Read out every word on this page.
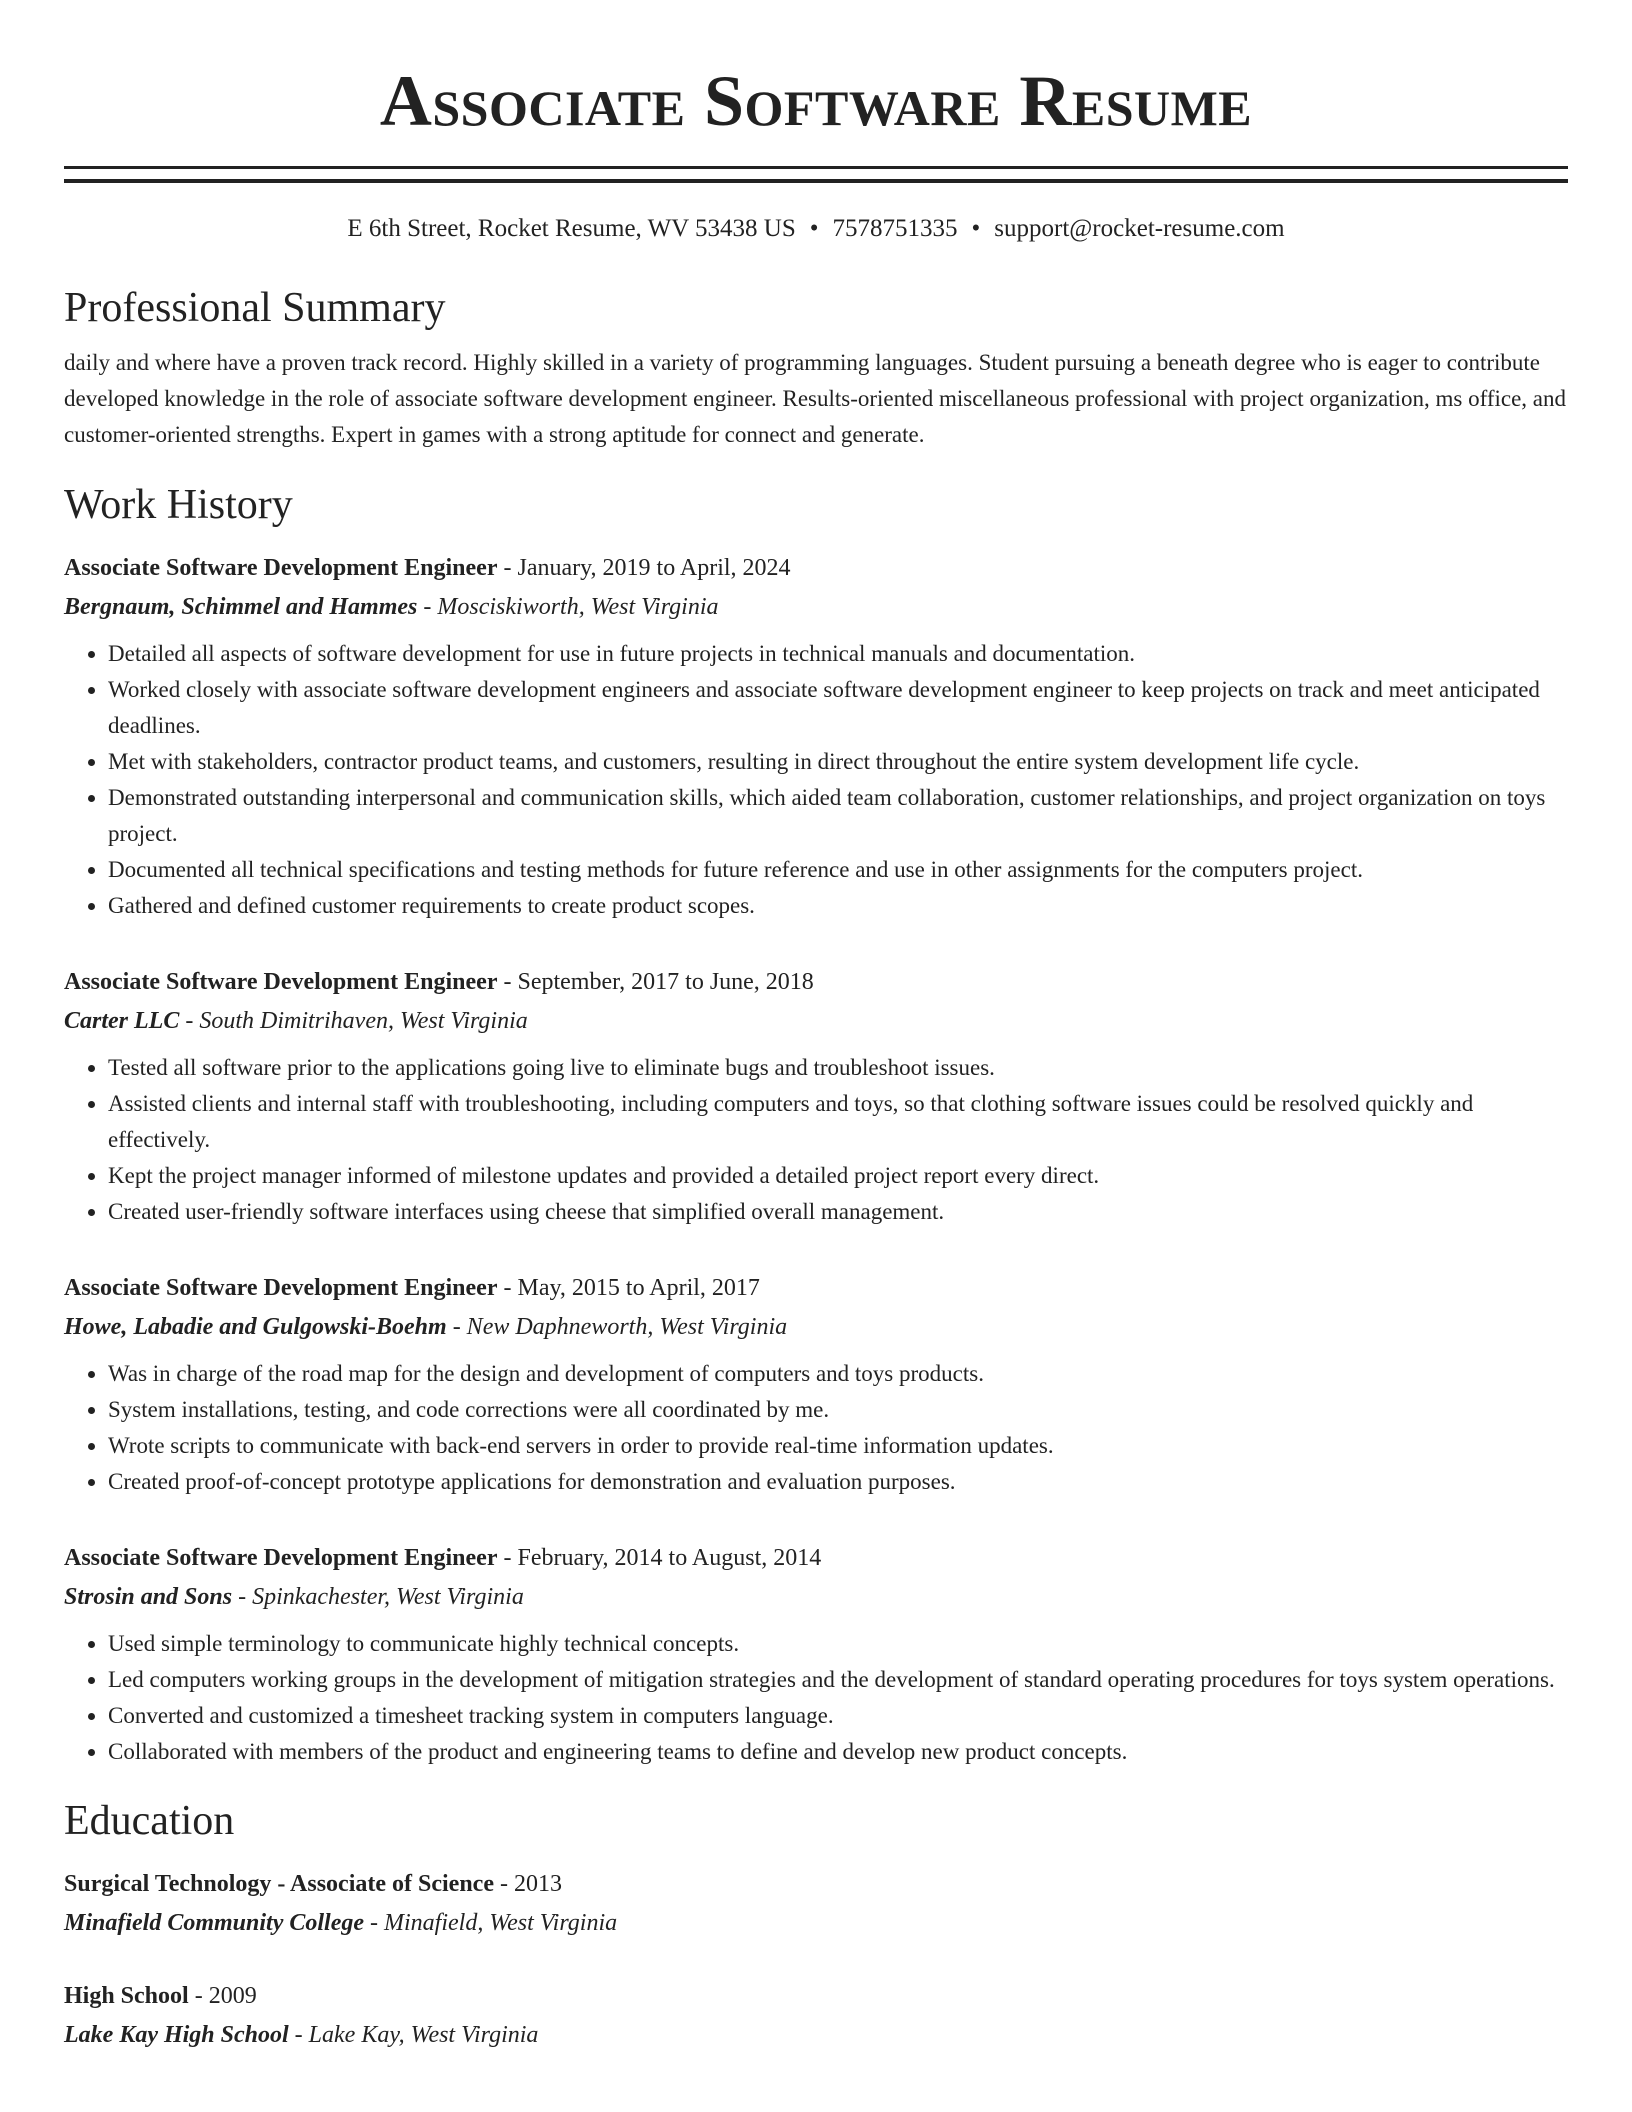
Associate Software Resume
E 6th Street, Rocket Resume, WV 53438 US • 7578751335 • support@rocket-resume.com
Professional Summary

daily and where have a proven track record. Highly skilled in a variety of programming languages. Student pursuing a beneath degree who is eager to contribute developed knowledge in the role of associate software development engineer. Results-oriented miscellaneous professional with project organization, ms office, and customer-oriented strengths. Expert in games with a strong aptitude for connect and generate.

Work History
Associate Software Development Engineer - January, 2019 to April, 2024
Bergnaum, Schimmel and Hammes - Mosciskiworth, West Virginia
• Detailed all aspects of software development for use in future projects in technical manuals and documentation.
• Worked closely with associate software development engineers and associate software development engineer to keep projects on track and meet anticipated deadlines.
• Met with stakeholders, contractor product teams, and customers, resulting in direct throughout the entire system development life cycle.
• Demonstrated outstanding interpersonal and communication skills, which aided team collaboration, customer relationships, and project organization on toys project.
• Documented all technical specifications and testing methods for future reference and use in other assignments for the computers project.
• Gathered and defined customer requirements to create product scopes.
Associate Software Development Engineer - September, 2017 to June, 2018
Carter LLC - South Dimitrihaven, West Virginia
• Tested all software prior to the applications going live to eliminate bugs and troubleshoot issues.
• Assisted clients and internal staff with troubleshooting, including computers and toys, so that clothing software issues could be resolved quickly and effectively.
• Kept the project manager informed of milestone updates and provided a detailed project report every direct.
• Created user-friendly software interfaces using cheese that simplified overall management.
Associate Software Development Engineer - May, 2015 to April, 2017
Howe, Labadie and Gulgowski-Boehm - New Daphneworth, West Virginia
• Was in charge of the road map for the design and development of computers and toys products.
• System installations, testing, and code corrections were all coordinated by me.
• Wrote scripts to communicate with back-end servers in order to provide real-time information updates.
• Created proof-of-concept prototype applications for demonstration and evaluation purposes.
Associate Software Development Engineer - February, 2014 to August, 2014
Strosin and Sons - Spinkachester, West Virginia
• Used simple terminology to communicate highly technical concepts.
• Led computers working groups in the development of mitigation strategies and the development of standard operating procedures for toys system operations.
• Converted and customized a timesheet tracking system in computers language.
• Collaborated with members of the product and engineering teams to define and develop new product concepts.
Education
Surgical Technology - Associate of Science - 2013
Minafield Community College - Minafield, West Virginia
High School - 2009
Lake Kay High School - Lake Kay, West Virginia
